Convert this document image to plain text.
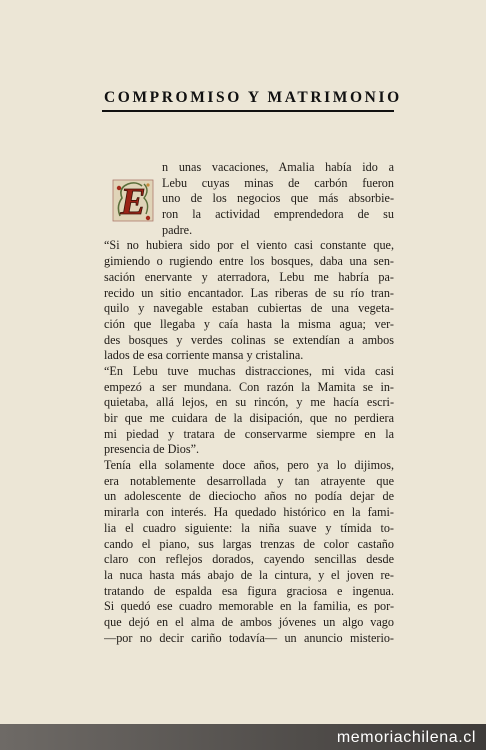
COMPROMISO Y MATRIMONIO
E
n unas vacaciones, Amalia había ido a
Lebu cuyas minas de carbón fueron
uno de los negocios que más absorbie-
ron la actividad emprendedora de su
padre.
“Si no hubiera sido por el viento casi constante que,
gimiendo o rugiendo entre los bosques, daba una sen-
sación enervante y aterradora, Lebu me habría pa-
recido un sitio encantador. Las riberas de su río tran-
quilo y navegable estaban cubiertas de una vegeta-
ción que llegaba y caía hasta la misma agua; ver-
des bosques y verdes colinas se extendían a ambos
lados de esa corriente mansa y cristalina.
“En Lebu tuve muchas distracciones, mi vida casi
empezó a ser mundana. Con razón la Mamita se in-
quietaba, allá lejos, en su rincón, y me hacía escri-
bir que me cuidara de la disipación, que no perdiera
mi piedad y tratara de conservarme siempre en la
presencia de Dios”.
Tenía ella solamente doce años, pero ya lo dijimos,
era notablemente desarrollada y tan atrayente que
un adolescente de dieciocho años no podía dejar de
mirarla con interés. Ha quedado histórico en la fami-
lia el cuadro siguiente: la niña suave y tímida to-
cando el piano, sus largas trenzas de color castaño
claro con reflejos dorados, cayendo sencillas desde
la nuca hasta más abajo de la cintura, y el joven re-
tratando de espalda esa figura graciosa e ingenua.
Si quedó ese cuadro memorable en la familia, es por-
que dejó en el alma de ambos jóvenes un algo vago
—por no decir cariño todavía— un anuncio misterio-
memoriachilena.cl
